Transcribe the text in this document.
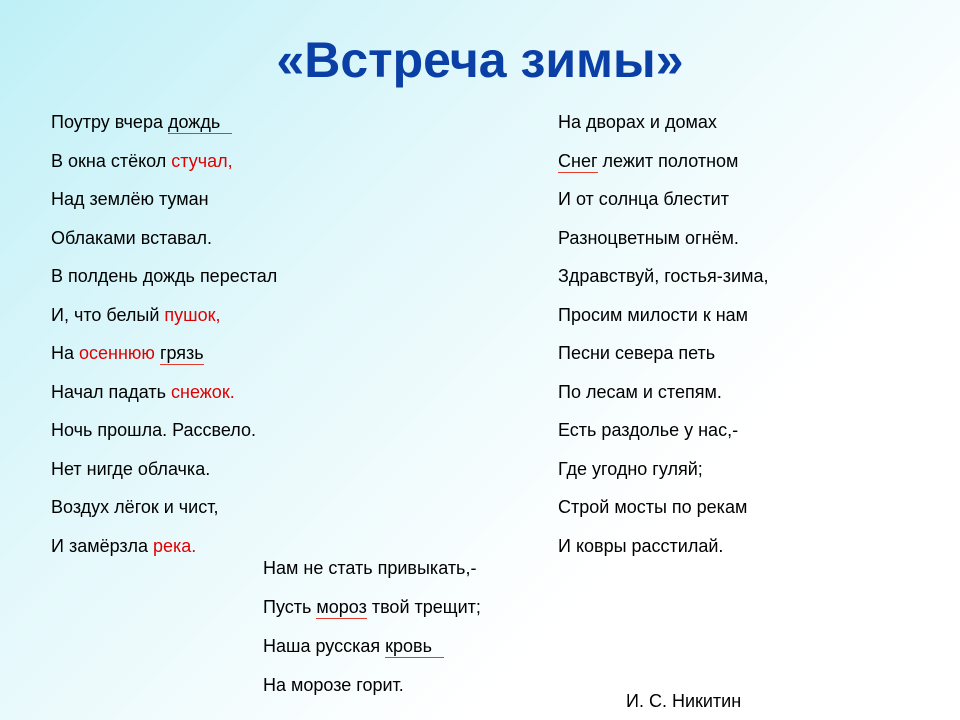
«Встреча зимы»
Поутру вчера дождь
В окна стёкол стучал,
Над землёю туман
Облаками вставал.
В полдень дождь перестал
И, что белый пушок,
На осеннюю грязь
Начал падать снежок.
Ночь прошла. Рассвело.
Нет нигде облачка.
Воздух лёгок и чист,
И замёрзла река.
На дворах и домах
Снег лежит полотном
И от солнца блестит
Разноцветным огнём.
Здравствуй, гостья-зима,
Просим милости к нам
Песни севера петь
По лесам и степям.
Есть раздолье у нас,-
Где угодно гуляй;
Строй мосты по рекам
И ковры расстилай.
Нам не стать привыкать,-
Пусть мороз твой трещит;
Наша русская кровь
На морозе горит.
И. С. Никитин
